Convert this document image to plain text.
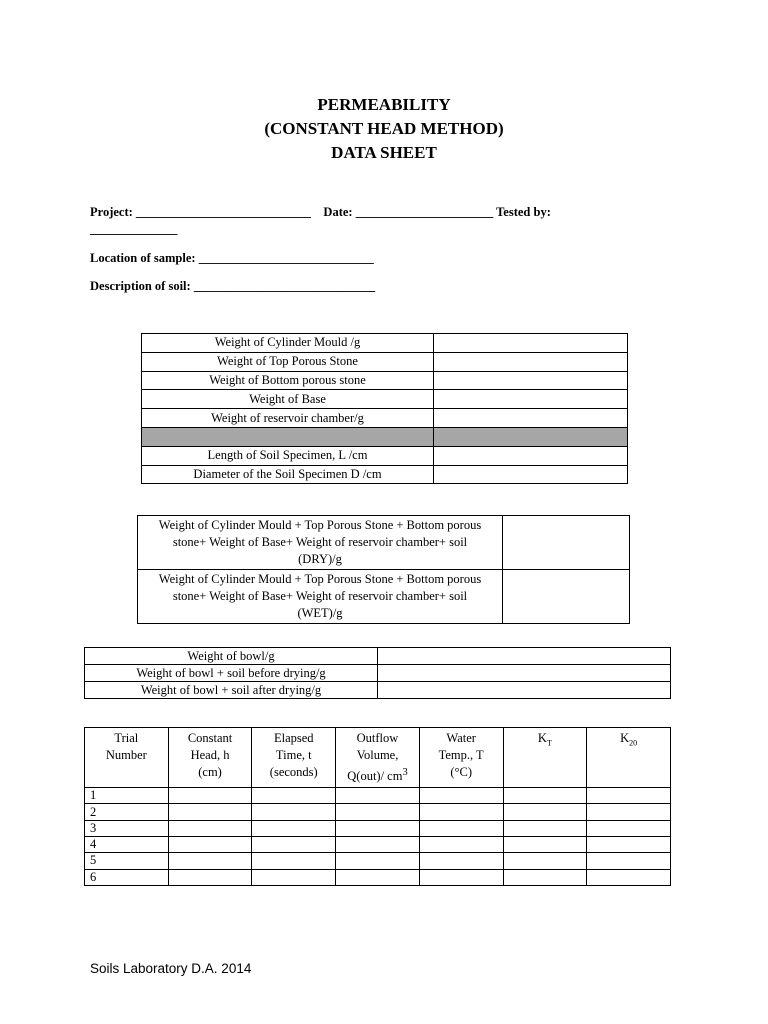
PERMEABILITY
(CONSTANT HEAD METHOD)
DATA SHEET
Project: ____________________________ Date: ______________________ Tested by:
______________
Location of sample: ____________________________
Description of soil: _____________________________
Weight of Cylinder Mould /g	
Weight of Top Porous Stone	
Weight of Bottom porous stone	
Weight of Base	
Weight of reservoir chamber/g	

Length of Soil Specimen, L /cm	
Diameter of the Soil Specimen D /cm	
Weight of Cylinder Mould + Top Porous Stone + Bottom porous
stone+ Weight of Base+ Weight of reservoir chamber+ soil
(DRY)/g	
Weight of Cylinder Mould + Top Porous Stone + Bottom porous
stone+ Weight of Base+ Weight of reservoir chamber+ soil
(WET)/g	
Weight of bowl/g	
Weight of bowl + soil before drying/g	
Weight of bowl + soil after drying/g	
Trial
Number	Constant
Head, h
(cm)	Elapsed
Time, t
(seconds)	Outflow
Volume,
Q(out)/ $cm^3$	Water
Temp., T
(°C)	$K_T$	$K_{20}$
1						
2						
3						
4						
5						
6						
Soils Laboratory D.A. 2014
